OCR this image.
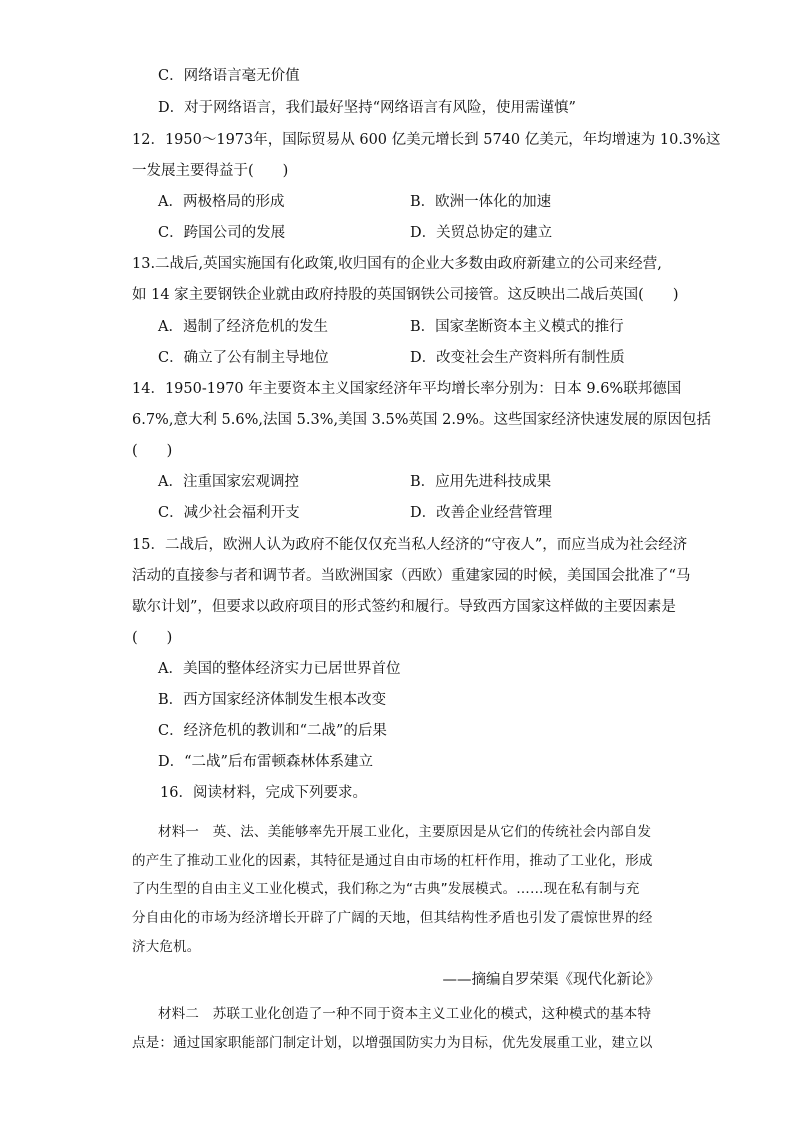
C．网络语言毫无价值
D．对于网络语言，我们最好坚持“网络语言有风险，使用需谨慎”
12．1950～1973年，国际贸易从 600 亿美元增长到 5740 亿美元，年均增速为 10.3%这
一发展主要得益于(　　)
A．两极格局的形成	B．欧洲一体化的加速
C．跨国公司的发展	D．关贸总协定的建立
13.二战后,英国实施国有化政策,收归国有的企业大多数由政府新建立的公司来经营,
如 14 家主要钢铁企业就由政府持股的英国钢铁公司接管。这反映出二战后英国(　　)
A．遏制了经济危机的发生	B．国家垄断资本主义模式的推行
C．确立了公有制主导地位	D．改变社会生产资料所有制性质
14．1950-1970 年主要资本主义国家经济年平均增长率分别为：日本 9.6%联邦德国
6.7%,意大利 5.6%,法国 5.3%,美国 3.5%英国 2.9%。这些国家经济快速发展的原因包括
(　　)
A．注重国家宏观调控	B．应用先进科技成果
C．减少社会福利开支	D．改善企业经营管理
15．二战后，欧洲人认为政府不能仅仅充当私人经济的“守夜人”，而应当成为社会经济
活动的直接参与者和调节者。当欧洲国家（西欧）重建家园的时候，美国国会批准了“马
歇尔计划”，但要求以政府项目的形式签约和履行。导致西方国家这样做的主要因素是
(　　)
A．美国的整体经济实力已居世界首位
B．西方国家经济体制发生根本改变
C．经济危机的教训和“二战”的后果
D．“二战”后布雷顿森林体系建立
16．阅读材料，完成下列要求。
材料一　英、法、美能够率先开展工业化，主要原因是从它们的传统社会内部自发
的产生了推动工业化的因素，其特征是通过自由市场的杠杆作用，推动了工业化，形成
了内生型的自由主义工业化模式，我们称之为“古典”发展模式。……现在私有制与充
分自由化的市场为经济增长开辟了广阔的天地，但其结构性矛盾也引发了震惊世界的经
济大危机。
——摘编自罗荣渠《现代化新论》
材料二　苏联工业化创造了一种不同于资本主义工业化的模式，这种模式的基本特
点是：通过国家职能部门制定计划，以增强国防实力为目标，优先发展重工业，建立以
